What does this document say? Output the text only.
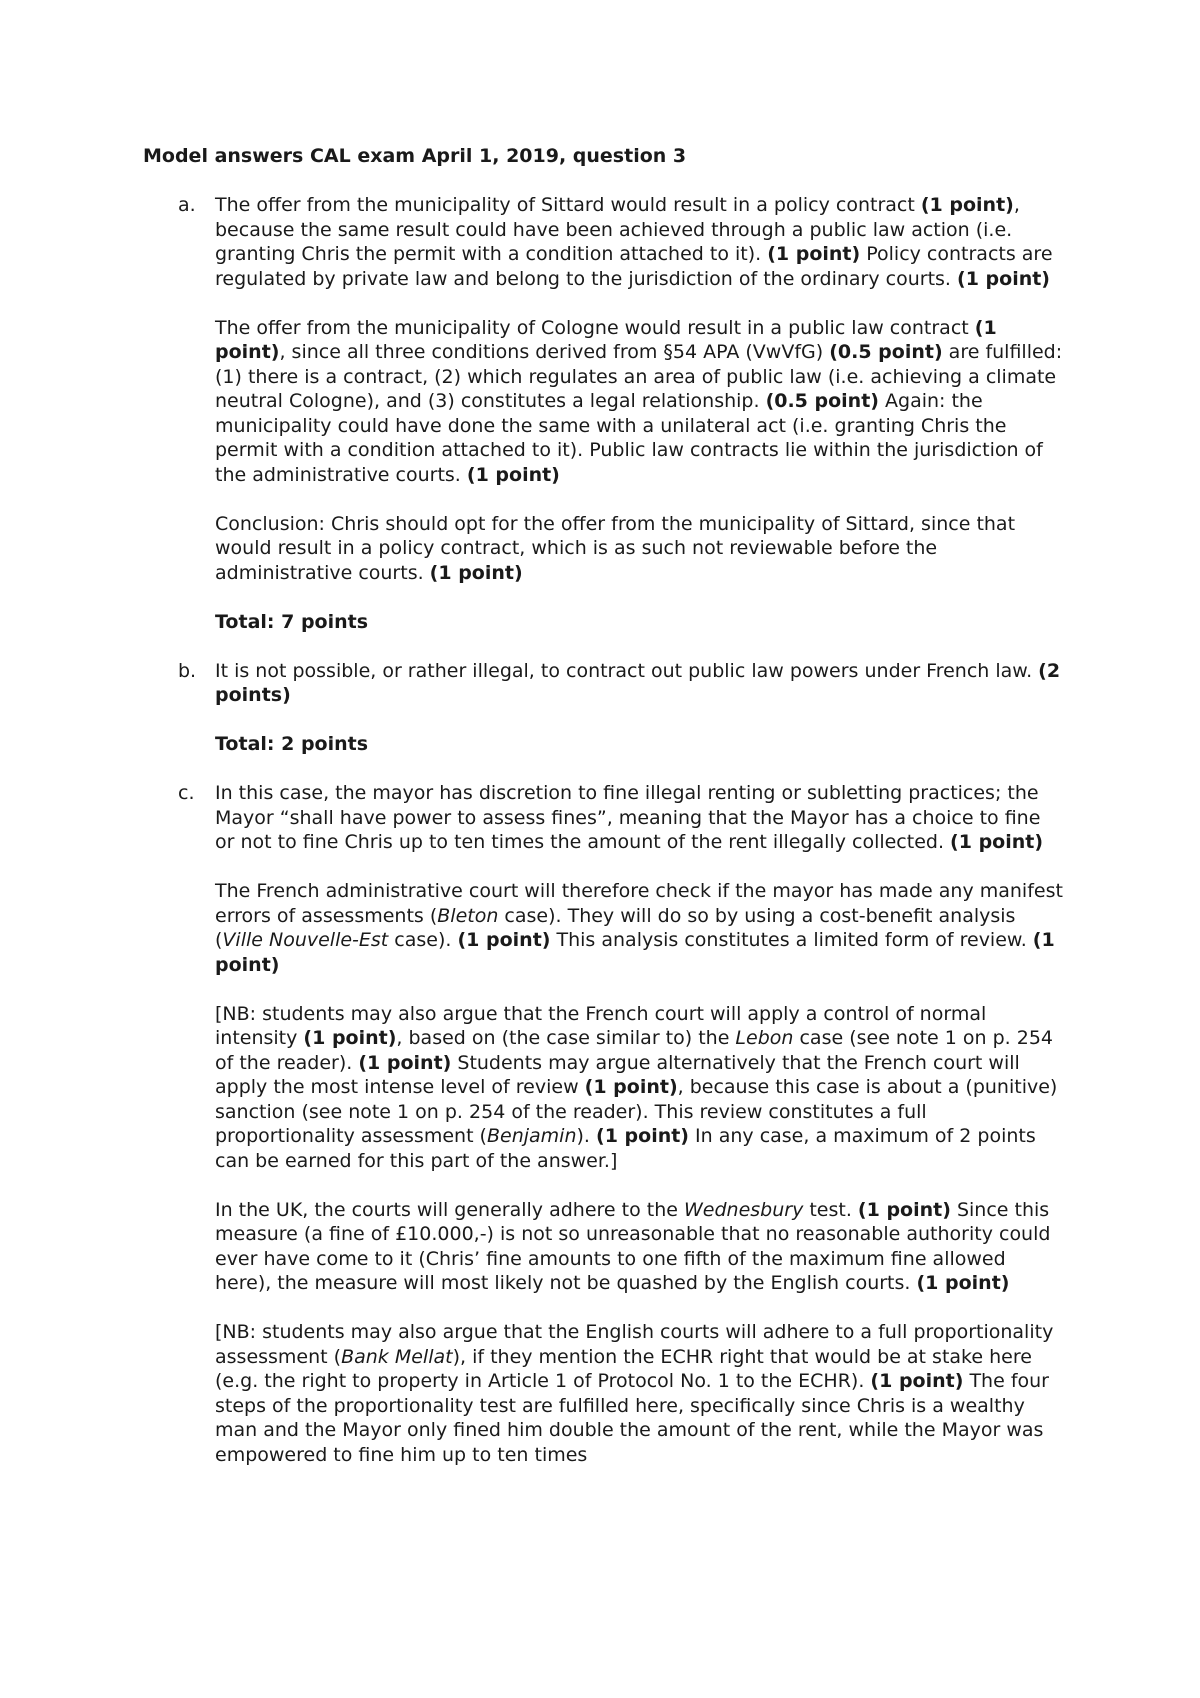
Model answers CAL exam April 1, 2019, question 3
a. The offer from the municipality of Sittard would result in a policy contract (1 point), because the same result could have been achieved through a public law action (i.e. granting Chris the permit with a condition attached to it). (1 point) Policy contracts are regulated by private law and belong to the jurisdiction of the ordinary courts. (1 point)

The offer from the municipality of Cologne would result in a public law contract (1 point), since all three conditions derived from §54 APA (VwVfG) (0.5 point) are fulfilled: (1) there is a contract, (2) which regulates an area of public law (i.e. achieving a climate neutral Cologne), and (3) constitutes a legal relationship. (0.5 point) Again: the municipality could have done the same with a unilateral act (i.e. granting Chris the permit with a condition attached to it). Public law contracts lie within the jurisdiction of the administrative courts. (1 point)

Conclusion: Chris should opt for the offer from the municipality of Sittard, since that would result in a policy contract, which is as such not reviewable before the administrative courts. (1 point)

Total: 7 points

b. It is not possible, or rather illegal, to contract out public law powers under French law. (2 points)

Total: 2 points

c. In this case, the mayor has discretion to fine illegal renting or subletting practices; the Mayor “shall have power to assess fines”, meaning that the Mayor has a choice to fine or not to fine Chris up to ten times the amount of the rent illegally collected. (1 point)

The French administrative court will therefore check if the mayor has made any manifest errors of assessments (Bleton case). They will do so by using a cost-benefit analysis (Ville Nouvelle-Est case). (1 point) This analysis constitutes a limited form of review. (1 point)

[NB: students may also argue that the French court will apply a control of normal intensity (1 point), based on (the case similar to) the Lebon case (see note 1 on p. 254 of the reader). (1 point) Students may argue alternatively that the French court will apply the most intense level of review (1 point), because this case is about a (punitive) sanction (see note 1 on p. 254 of the reader). This review constitutes a full proportionality assessment (Benjamin). (1 point) In any case, a maximum of 2 points can be earned for this part of the answer.]

In the UK, the courts will generally adhere to the Wednesbury test. (1 point) Since this measure (a fine of £10.000,-) is not so unreasonable that no reasonable authority could ever have come to it (Chris’ fine amounts to one fifth of the maximum fine allowed here), the measure will most likely not be quashed by the English courts. (1 point)

[NB: students may also argue that the English courts will adhere to a full proportionality assessment (Bank Mellat), if they mention the ECHR right that would be at stake here (e.g. the right to property in Article 1 of Protocol No. 1 to the ECHR). (1 point) The four steps of the proportionality test are fulfilled here, specifically since Chris is a wealthy man and the Mayor only fined him double the amount of the rent, while the Mayor was empowered to fine him up to ten times
